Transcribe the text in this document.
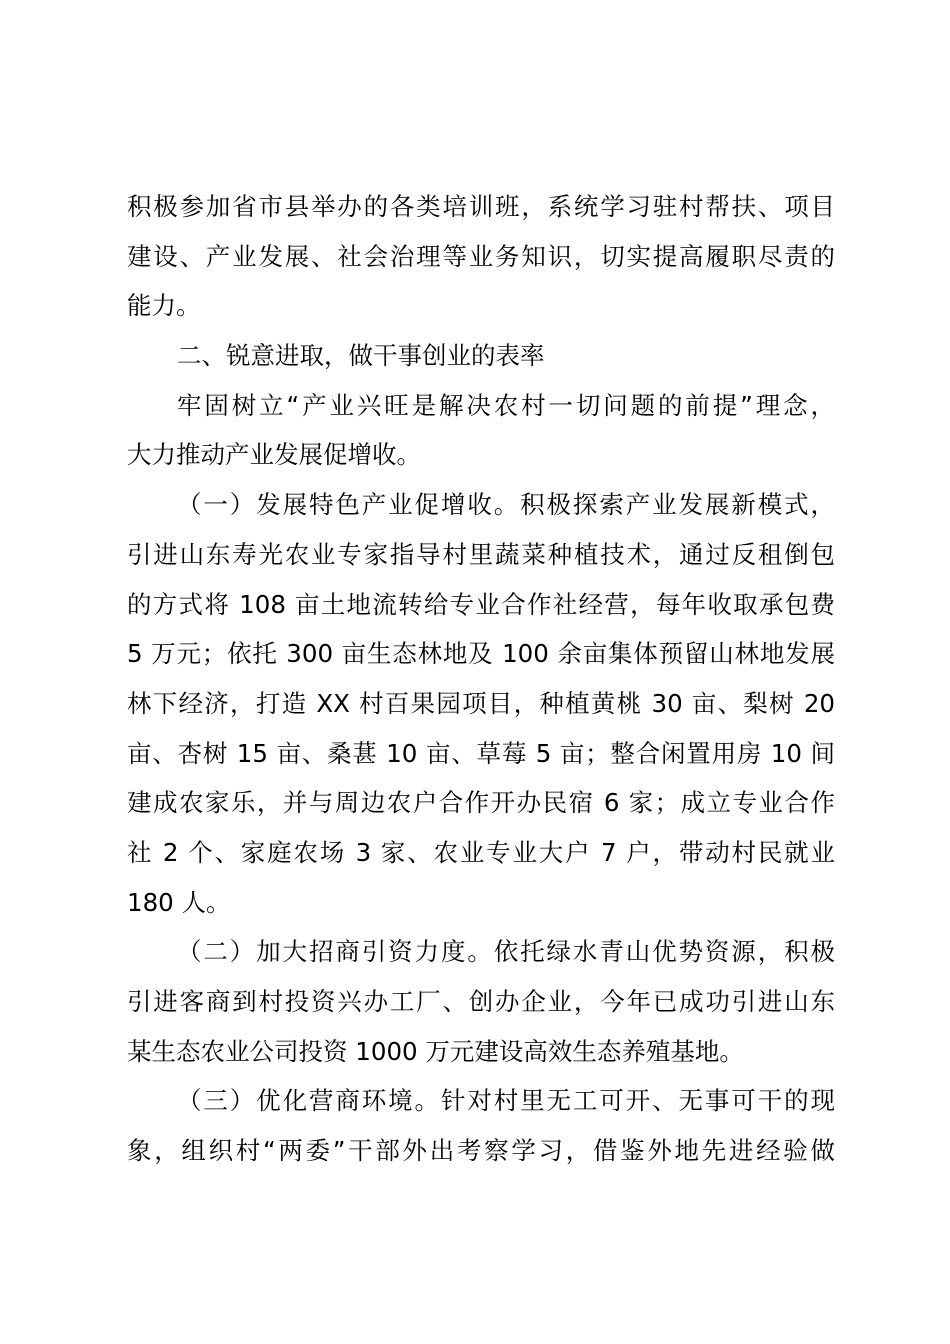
积极参加省市县举办的各类培训班，系统学习驻村帮扶、项目
建设、产业发展、社会治理等业务知识，切实提高履职尽责的
能力。
二、锐意进取，做干事创业的表率
牢固树立“产业兴旺是解决农村一切问题的前提”理念，
大力推动产业发展促增收。
（一）发展特色产业促增收。积极探索产业发展新模式，
引进山东寿光农业专家指导村里蔬菜种植技术，通过反租倒包
的方式将 108 亩土地流转给专业合作社经营，每年收取承包费
5 万元；依托 300 亩生态林地及 100 余亩集体预留山林地发展
林下经济，打造 XX 村百果园项目，种植黄桃 30 亩、梨树 20
亩、杏树 15 亩、桑葚 10 亩、草莓 5 亩；整合闲置用房 10 间
建成农家乐，并与周边农户合作开办民宿 6 家；成立专业合作
社 2 个、家庭农场 3 家、农业专业大户 7 户，带动村民就业
180 人。
（二）加大招商引资力度。依托绿水青山优势资源，积极
引进客商到村投资兴办工厂、创办企业，今年已成功引进山东
某生态农业公司投资 1000 万元建设高效生态养殖基地。
（三）优化营商环境。针对村里无工可开、无事可干的现
象，组织村“两委”干部外出考察学习，借鉴外地先进经验做
